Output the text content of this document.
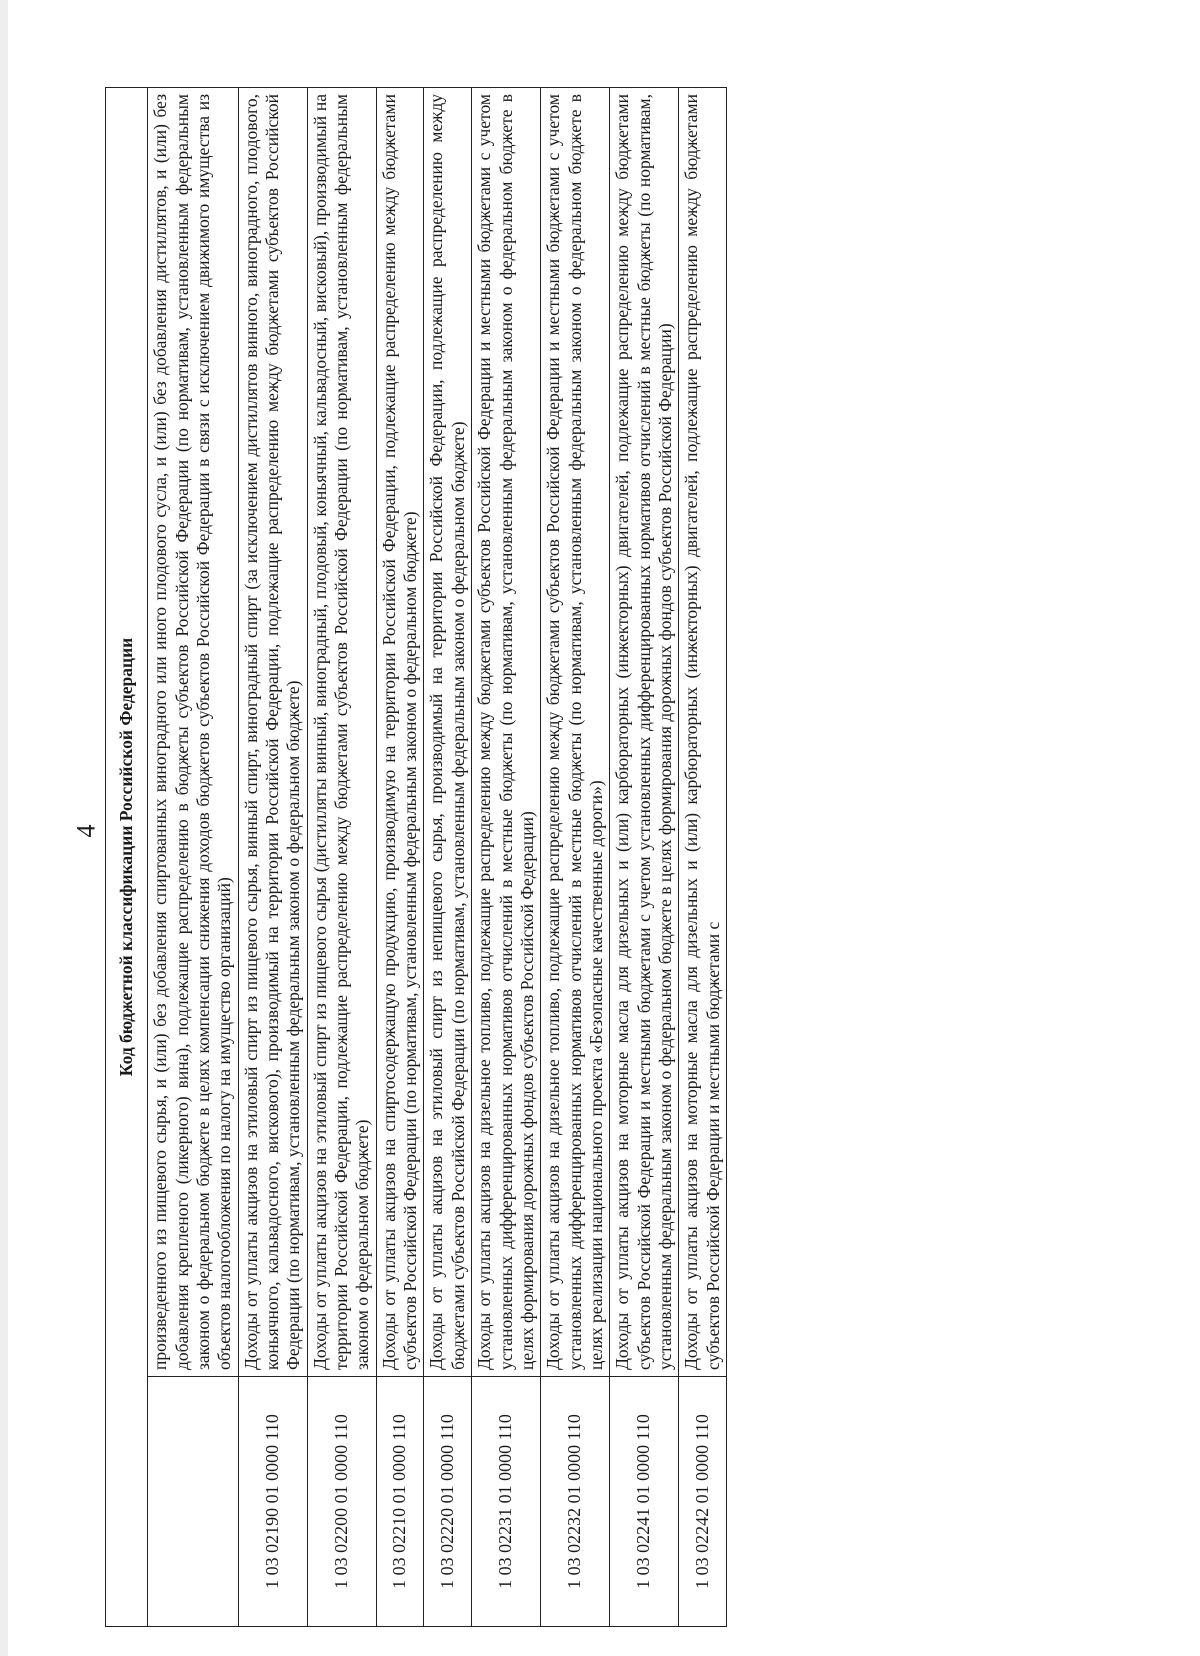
4 Код бюджетной классификации Российской Федерации	
	произведенного из пищевого сырья, и (или) без добавления спиртованных виноградного или иного плодового сусла, и (или) без добавления дистиллятов, и (или) без добавления крепленого (ликерного) вина), подлежащие распределению в бюджеты субъектов Российской Федерации (по нормативам, установленным федеральным законом о федеральном бюджете в целях компенсации снижения доходов бюджетов субъектов Российской Федерации в связи с исключением движимого имущества из объектов налогообложения по налогу на имущество организаций)
1 03 02190 01 0000 110	Доходы от уплаты акцизов на этиловый спирт из пищевого сырья, винный спирт, виноградный спирт (за исключением дистиллятов винного, виноградного, плодового, коньячного, кальвадосного, вискового), производимый на территории Российской Федерации, подлежащие распределению между бюджетами субъектов Российской Федерации (по нормативам, установленным федеральным законом о федеральном бюджете)
1 03 02200 01 0000 110	Доходы от уплаты акцизов на этиловый спирт из пищевого сырья (дистилляты винный, виноградный, плодовый, коньячный, кальвадосный, висковый), производимый на территории Российской Федерации, подлежащие распределению между бюджетами субъектов Российской Федерации (по нормативам, установленным федеральным законом о федеральном бюджете)
1 03 02210 01 0000 110	Доходы от уплаты акцизов на спиртосодержащую продукцию, производимую на территории Российской Федерации, подлежащие распределению между бюджетами субъектов Российской Федерации (по нормативам, установленным федеральным законом о федеральном бюджете)
1 03 02220 01 0000 110	Доходы от уплаты акцизов на этиловый спирт из непищевого сырья, производимый на территории Российской Федерации, подлежащие распределению между бюджетами субъектов Российской Федерации (по нормативам, установленным федеральным законом о федеральном бюджете)
1 03 02231 01 0000 110	Доходы от уплаты акцизов на дизельное топливо, подлежащие распределению между бюджетами субъектов Российской Федерации и местными бюджетами с учетом установленных дифференцированных нормативов отчислений в местные бюджеты (по нормативам, установленным федеральным законом о федеральном бюджете в целях формирования дорожных фондов субъектов Российской Федерации)
1 03 02232 01 0000 110	Доходы от уплаты акцизов на дизельное топливо, подлежащие распределению между бюджетами субъектов Российской Федерации и местными бюджетами с учетом установленных дифференцированных нормативов отчислений в местные бюджеты (по нормативам, установленным федеральным законом о федеральном бюджете в целях реализации национального проекта «Безопасные качественные дороги»)
1 03 02241 01 0000 110	Доходы от уплаты акцизов на моторные масла для дизельных и (или) карбюраторных (инжекторных) двигателей, подлежащие распределению между бюджетами субъектов Российской Федерации и местными бюджетами с учетом установленных дифференцированных нормативов отчислений в местные бюджеты (по нормативам, установленным федеральным законом о федеральном бюджете в целях формирования дорожных фондов субъектов Российской Федерации)
1 03 02242 01 0000 110	Доходы от уплаты акцизов на моторные масла для дизельных и (или) карбюраторных (инжекторных) двигателей, подлежащие распределению между бюджетами субъектов Российской Федерации и местными бюджетами с
